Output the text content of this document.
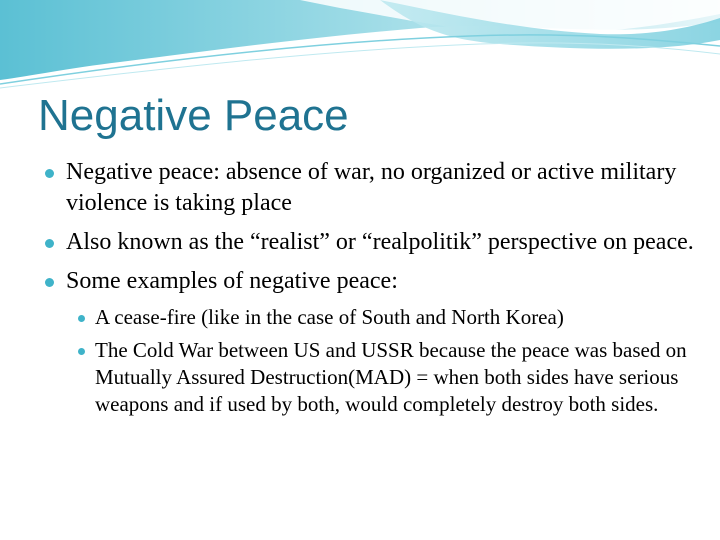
Negative Peace
Negative peace: absence of war, no organized or active military violence is taking place
Also known as the “realist” or “realpolitik” perspective on peace.
Some examples of negative peace:
A cease-fire (like in the case of South and North Korea)
The Cold War between US and USSR because the peace was based on Mutually Assured Destruction(MAD) = when both sides have serious weapons and if used by both, would completely destroy both sides.
